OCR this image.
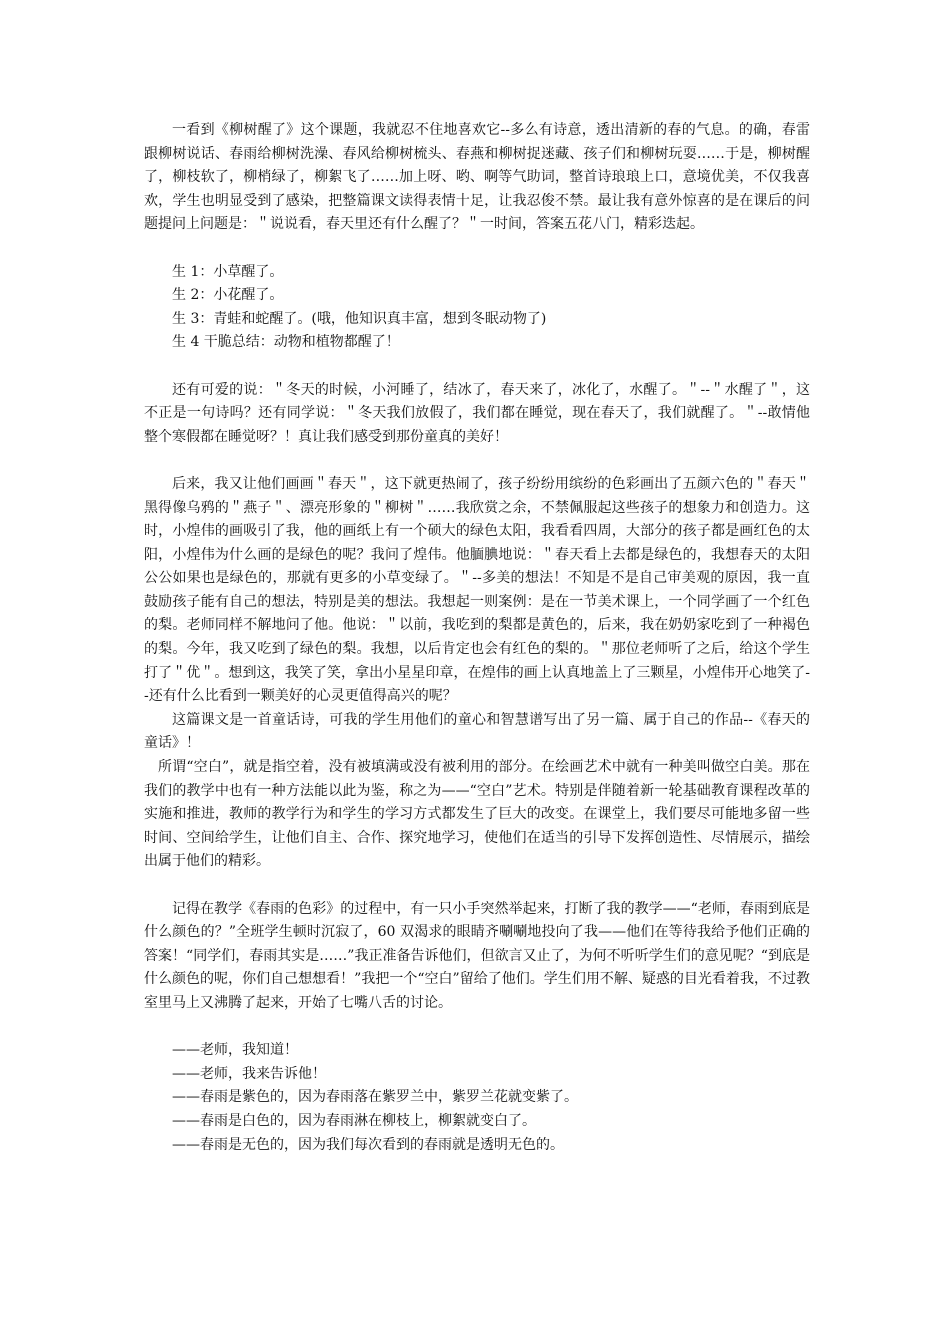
一看到《柳树醒了》这个课题，我就忍不住地喜欢它--多么有诗意，透出清新的春的气息。的确，春雷跟柳树说话、春雨给柳树洗澡、春风给柳树梳头、春燕和柳树捉迷藏、孩子们和柳树玩耍……于是，柳树醒了，柳枝软了，柳梢绿了，柳絮飞了……加上呀、哟、啊等气助词，整首诗琅琅上口，意境优美，不仅我喜欢，学生也明显受到了感染，把整篇课文读得表情十足，让我忍俊不禁。最让我有意外惊喜的是在课后的问题提问上问题是：＂说说看，春天里还有什么醒了？＂一时间，答案五花八门，精彩迭起。

生 1：小草醒了。

生 2：小花醒了。

生 3：青蛙和蛇醒了。(哦，他知识真丰富，想到冬眠动物了)

生 4 干脆总结：动物和植物都醒了！

还有可爱的说：＂冬天的时候，小河睡了，结冰了，春天来了，冰化了，水醒了。＂--＂水醒了＂，这不正是一句诗吗？还有同学说：＂冬天我们放假了，我们都在睡觉，现在春天了，我们就醒了。＂--敢情他整个寒假都在睡觉呀？！真让我们感受到那份童真的美好！

后来，我又让他们画画＂春天＂，这下就更热闹了，孩子纷纷用缤纷的色彩画出了五颜六色的＂春天＂黑得像乌鸦的＂燕子＂、漂亮形象的＂柳树＂……我欣赏之余，不禁佩服起这些孩子的想象力和创造力。这时，小煌伟的画吸引了我，他的画纸上有一个硕大的绿色太阳，我看看四周，大部分的孩子都是画红色的太阳，小煌伟为什么画的是绿色的呢？我问了煌伟。他腼腆地说：＂春天看上去都是绿色的，我想春天的太阳公公如果也是绿色的，那就有更多的小草变绿了。＂--多美的想法！不知是不是自己审美观的原因，我一直鼓励孩子能有自己的想法，特别是美的想法。我想起一则案例：是在一节美术课上，一个同学画了一个红色的梨。老师同样不解地问了他。他说：＂以前，我吃到的梨都是黄色的，后来，我在奶奶家吃到了一种褐色的梨。今年，我又吃到了绿色的梨。我想，以后肯定也会有红色的梨的。＂那位老师听了之后，给这个学生打了＂优＂。想到这，我笑了笑，拿出小星星印章，在煌伟的画上认真地盖上了三颗星，小煌伟开心地笑了--还有什么比看到一颗美好的心灵更值得高兴的呢？

这篇课文是一首童话诗，可我的学生用他们的童心和智慧谱写出了另一篇、属于自己的作品--《春天的童话》！

所谓“空白”，就是指空着，没有被填满或没有被利用的部分。在绘画艺术中就有一种美叫做空白美。那在我们的教学中也有一种方法能以此为鉴，称之为——“空白”艺术。特别是伴随着新一轮基础教育课程改革的实施和推进，教师的教学行为和学生的学习方式都发生了巨大的改变。在课堂上，我们要尽可能地多留一些时间、空间给学生，让他们自主、合作、探究地学习，使他们在适当的引导下发挥创造性、尽情展示，描绘出属于他们的精彩。

记得在教学《春雨的色彩》的过程中，有一只小手突然举起来，打断了我的教学——“老师，春雨到底是什么颜色的？”全班学生顿时沉寂了，60 双渴求的眼睛齐唰唰地投向了我——他们在等待我给予他们正确的答案！“同学们，春雨其实是……”我正准备告诉他们，但欲言又止了，为何不听听学生们的意见呢？“到底是什么颜色的呢，你们自己想想看！”我把一个“空白”留给了他们。学生们用不解、疑惑的目光看着我，不过教室里马上又沸腾了起来，开始了七嘴八舌的讨论。

——老师，我知道！

——老师，我来告诉他！

——春雨是紫色的，因为春雨落在紫罗兰中，紫罗兰花就变紫了。

——春雨是白色的，因为春雨淋在柳枝上，柳絮就变白了。

——春雨是无色的，因为我们每次看到的春雨就是透明无色的。
